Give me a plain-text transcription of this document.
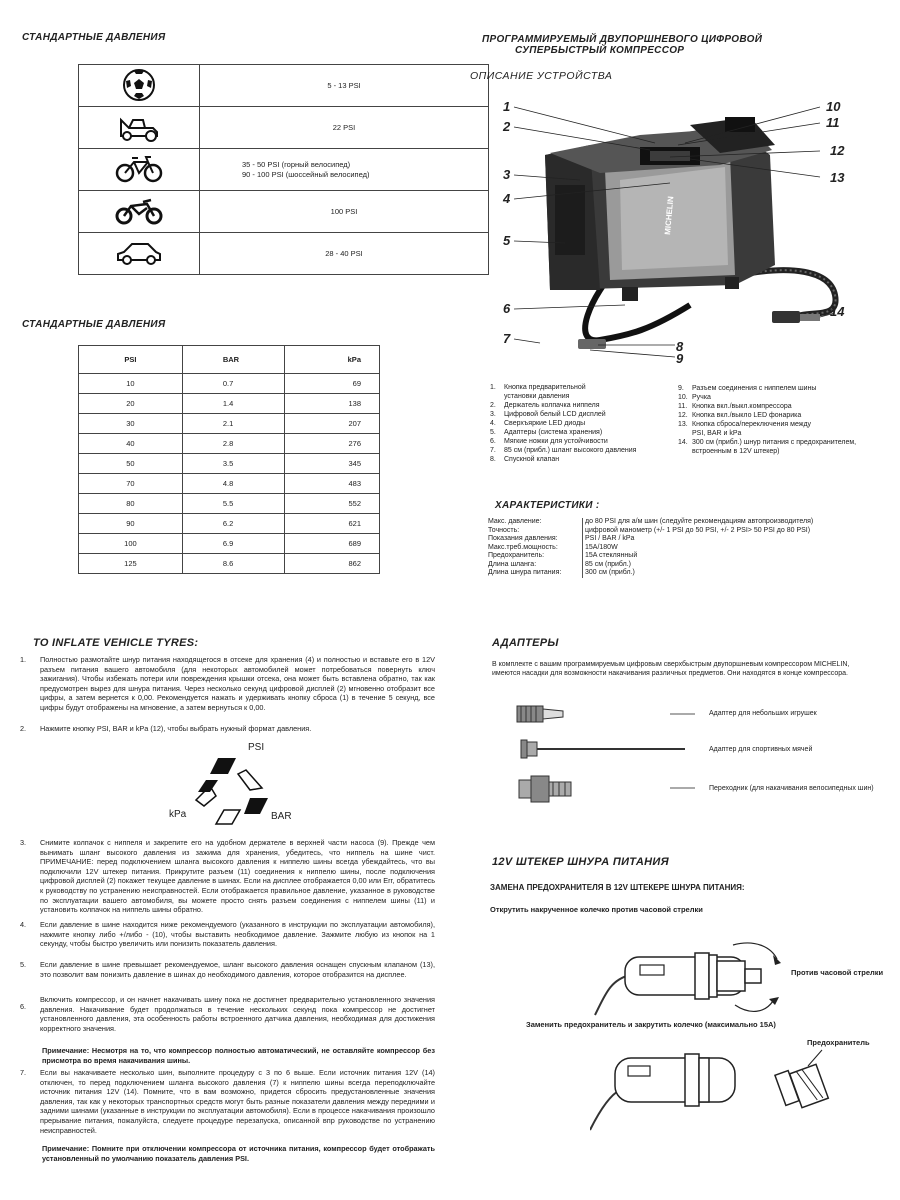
СТАНДАРТНЫЕ ДАВЛЕНИЯ
	5 - 13 PSI
	22 PSI

35 - 50 PSI (горный велосипед)
90 - 100 PSI (шоссейный велосипед)

	100 PSI
	28 - 40 PSI
СТАНДАРТНЫЕ ДАВЛЕНИЯ
PSI	BAR	kPa
10	0.7	69
20	1.4	138
30	2.1	207
40	2.8	276
50	3.5	345
70	4.8	483
80	5.5	552
90	6.2	621
100	6.9	689
125	8.6	862
ПРОГРАММИРУЕМЫЙ ДВУПОРШНЕВОГО ЦИФРОВОЙ
СУПЕРБЫСТРЫЙ КОМПРЕССОР
ОПИСАНИЕ УСТРОЙСТВА
MICHELIN
1
2
3
4
5
6
7
8
9
10
11
12
13
14
1.	Кнопка предварительной
установки давления
2.	Держатель колпачка ниппеля
3.	Цифровой белый LCD дисплей
4.	Сверхъяркие LED диоды
5.	Адаптеры (система хранения)
6.	Мягкие ножки для устойчивости
7.	85 см (прибл.) шланг высокого давления
8.	Спускной клапан
9.	Разъем соединения с ниппелем шины
10. Ручка
11. Кнопка вкл./выкл.компрессора
12. Кнопка вкл./выкло LED фонарика
13. Кнопка сброса/переключения между
PSI, BAR и kPa
14. 300 см (прибл.) шнур питания с предохранителем,
встроенным в 12V штекер)
ХАРАКТЕРИСТИКИ :
Макс. давление:	до 80 PSI для а/м шин (следуйте рекомендациям автопроизводителя)
Точность:	цифровой манометр (+/- 1 PSI до 50 PSI, +/- 2 PSI> 50 PSI до 80 PSI)
Показания давления:	PSI / BAR / kPa
Макс.треб.мощность:	15A/180W
Предохранитель:	15A стеклянный
Длина шланга:	85 см (прибл.)
Длина шнура питания:	300 см (прибл.)
TO INFLATE VEHICLE TYRES:
1. Полностью размотайте шнур питания находящегося в отсеке для хранения (4) и полностью и вставьте его в 12V разъем питания вашего автомобиля (для некоторых автомобилей может потребоваться повернуть ключ зажигания). Чтобы избежать потери или повреждения крышки отсека, она может быть вставлена обратно, так как предусмотрен вырез для шнура питания. Через несколько секунд цифровой дисплей (2) мгновенно отобразит все цифры, а затем вернется к 0,00. Рекомендуется нажать и удерживать кнопку сброса (1) в течение 5 секунд, все цифры будут отображены на мгновение, а затем вернуться к 0,00.
2. Нажмите кнопку PSI, BAR и kPa (12), чтобы выбрать нужный формат давления.
PSI
kPa	BAR
3. Снимите колпачок с ниппеля и закрепите его на удобном держателе в верхней части насоса (9). Прежде чем вынимать шланг высокого давления из зажима для хранения, убедитесь, что ниппель на шине чист. ПРИМЕЧАНИЕ: перед подключением шланга высокого давления к ниппелю шины всегда убеждайтесь, что вы подключили 12V штекер питания. Прикрутите разъем (11) соединения к ниппелю шины, после подключения цифровой дисплей (2) покажет текущее давление в шинах. Если на дисплее отображается 0,00 или Err, обратитесь к руководству по устранению неисправностей. Если отображается правильное давление, указанное в руководстве по эксплуатации вашего автомобиля, вы можете просто снять разъем соединения с ниппелем шины (11) и установить колпачок на ниппель шины обратно.
4. Если давление в шине находится ниже рекомендуемого (указанного в инструкции по эксплуатации автомобиля), нажмите кнопку либо +/либо - (10), чтобы выставить необходимое давление. Зажмите любую из кнопок на 1 секунду, чтобы быстро увеличить или понизить показатель давления.
5. Если давление в шине превышает рекомендуемое, шланг высокого давления оснащен спускным клапаном (13), это позволит вам понизить давление в шинах до необходимого давления, которое отобразится на дисплее.
6.
Включить компрессор, и он начнет накачивать шину пока не достигнет предварительно установленного значения давления. Накачивание будет продолжаться в течение нескольких секунд пока компрессор не достигнет установленного давления, эта особенность работы встроенного датчика давления, необходимая для достижения корректного значения.
Примечание: Несмотря на то, что компрессор полностью автоматический, не оставляйте компрессор без присмотра во время накачивания шины.
7. Если вы накачиваете несколько шин, выполните процедуру с 3 по 6 выше. Если источник питания 12V (14) отключен, то перед подключением шланга высокого давления (7) к ниппелю шины всегда переподключайте источник питания 12V (14). Помните, что в вам возможно, придется сбросить предустановленные значения давления, так как у некоторых транспортных средств могут быть разные показатели давления между передними и задними шинами (указанные в инструкции по эксплуатации автомобиля). Если в процессе накачивания произошло прерывание питания, пожалуйста, следуете процедуре перезапуска, описанной впр руководстве по устранению неисправностей.
Примечание: Помните при отключении компрессора от источника питания, компрессор будет отображать установленный по умолчанию показатель давления PSI.
АДАПТЕРЫ
В комплекте с вашим программируемым цифровым сверхбыстрым двупоршневым компрессором MICHELIN, имеются насадки для возможности накачивания различных предметов. Они находятся в конце компрессора.
Адаптер для небольших игрушек
Адаптер для спортивных мячей
Переходник (для накачивания велосипедных шин)
12V ШТЕКЕР ШНУРА ПИТАНИЯ
ЗАМЕНА ПРЕДОХРАНИТЕЛЯ В 12V ШТЕКЕРЕ ШНУРА ПИТАНИЯ:
Открутить накрученное колечко против часовой стрелки
Против часовой стрелки
Заменить предохранитель и закрутить колечко (максимально 15A)
Предохранитель
